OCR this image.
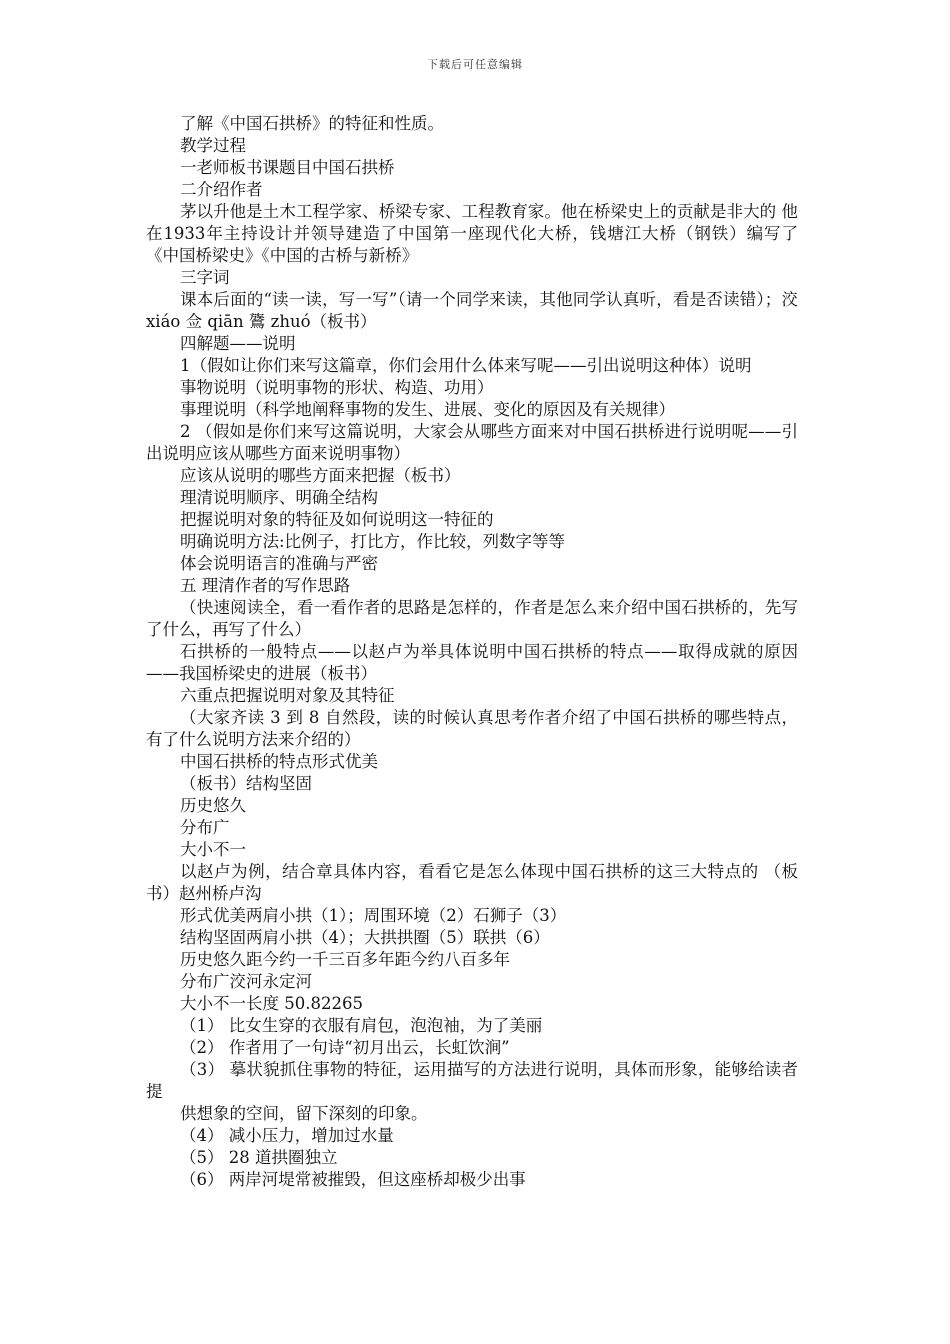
下载后可任意编辑

了解《中国石拱桥》的特征和性质。

教学过程

一老师板书课题目中国石拱桥

二介绍作者

茅以升他是土木工程学家、桥梁专家、工程教育家。他在桥梁史上的贡献是非大的 他在1933年主持设计并领导建造了中国第一座现代化大桥，钱塘江大桥（钢铁）编写了《中国桥梁史》《中国的古桥与新桥》

三字词

课本后面的“读一读，写一写”（请一个同学来读，其他同学认真听，看是否读错）；洨 xiáo 佥 qiān 鷟 zhuó（板书）

四解题——说明

1（假如让你们来写这篇章，你们会用什么体来写呢——引出说明这种体）说明

事物说明（说明事物的形状、构造、功用）

事理说明（科学地阐释事物的发生、进展、变化的原因及有关规律）

2 （假如是你们来写这篇说明，大家会从哪些方面来对中国石拱桥进行说明呢——引出说明应该从哪些方面来说明事物）

应该从说明的哪些方面来把握（板书）

理清说明顺序、明确全结构

把握说明对象的特征及如何说明这一特征的

明确说明方法:比例子，打比方，作比较，列数字等等

体会说明语言的准确与严密

五 理清作者的写作思路

（快速阅读全，看一看作者的思路是怎样的，作者是怎么来介绍中国石拱桥的，先写了什么，再写了什么）

石拱桥的一般特点——以赵卢为举具体说明中国石拱桥的特点——取得成就的原因——我国桥梁史的进展（板书）

六重点把握说明对象及其特征

（大家齐读 3 到 8 自然段，读的时候认真思考作者介绍了中国石拱桥的哪些特点，有了什么说明方法来介绍的）

中国石拱桥的特点形式优美

（板书）结构坚固

历史悠久

分布广

大小不一

以赵卢为例，结合章具体内容，看看它是怎么体现中国石拱桥的这三大特点的 （板书）赵州桥卢沟

形式优美两肩小拱（1）；周围环境（2）石狮子（3）

结构坚固两肩小拱（4）；大拱拱圈（5）联拱（6）

历史悠久距今约一千三百多年距今约八百多年

分布广洨河永定河

大小不一长度 50.82265

（1） 比女生穿的衣服有肩包，泡泡袖，为了美丽

（2） 作者用了一句诗“初月出云，长虹饮涧”

（3） 摹状貌抓住事物的特征，运用描写的方法进行说明，具体而形象，能够给读者提

供想象的空间，留下深刻的印象。

（4） 减小压力，增加过水量

（5） 28 道拱圈独立

（6） 两岸河堤常被摧毁，但这座桥却极少出事
